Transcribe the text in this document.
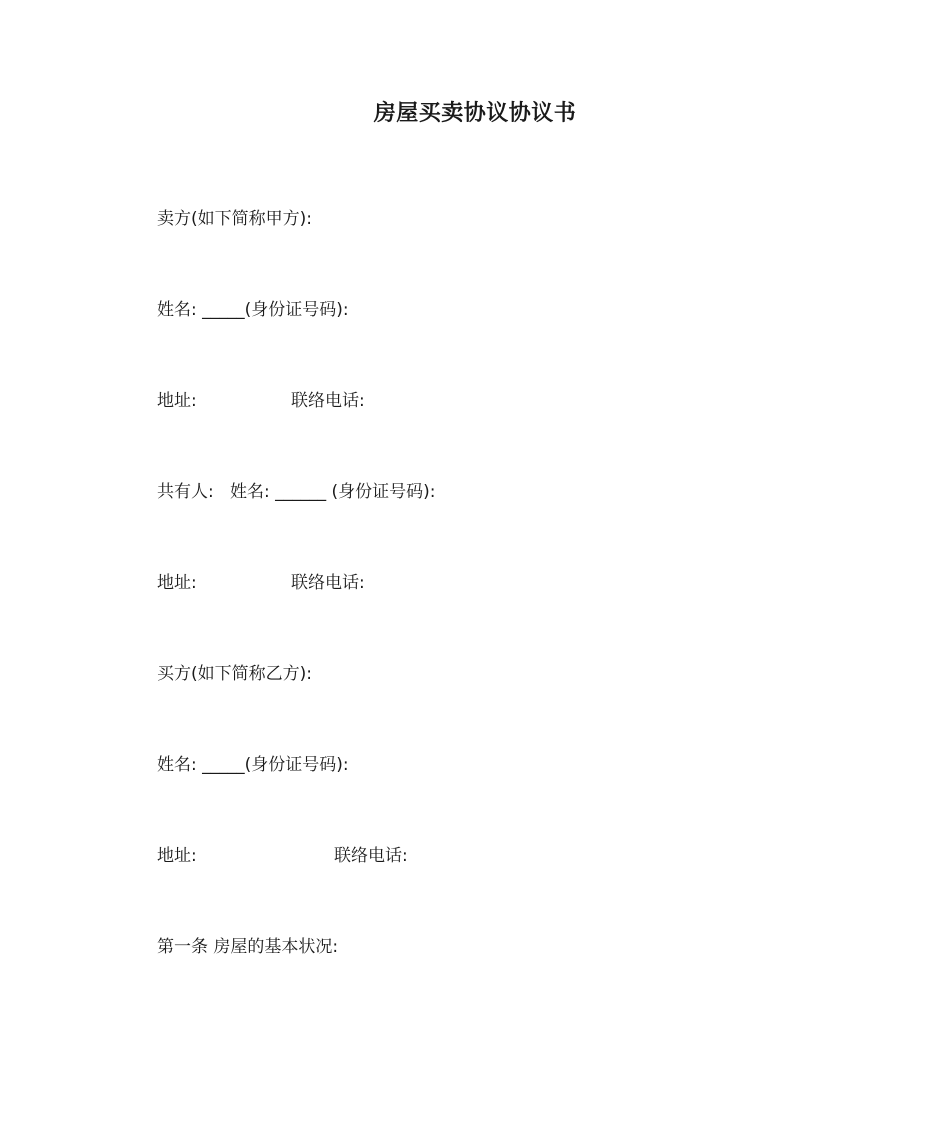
房屋买卖协议协议书
卖方(如下简称甲方):
姓名: _____(身份证号码):

地址:

	联络电话:

共有人:   姓名: ______ (身份证号码):

地址:

	联络电话:

买方(如下简称乙方):
姓名: _____(身份证号码):

地址:

	联络电话:

第一条 房屋的基本状况:
